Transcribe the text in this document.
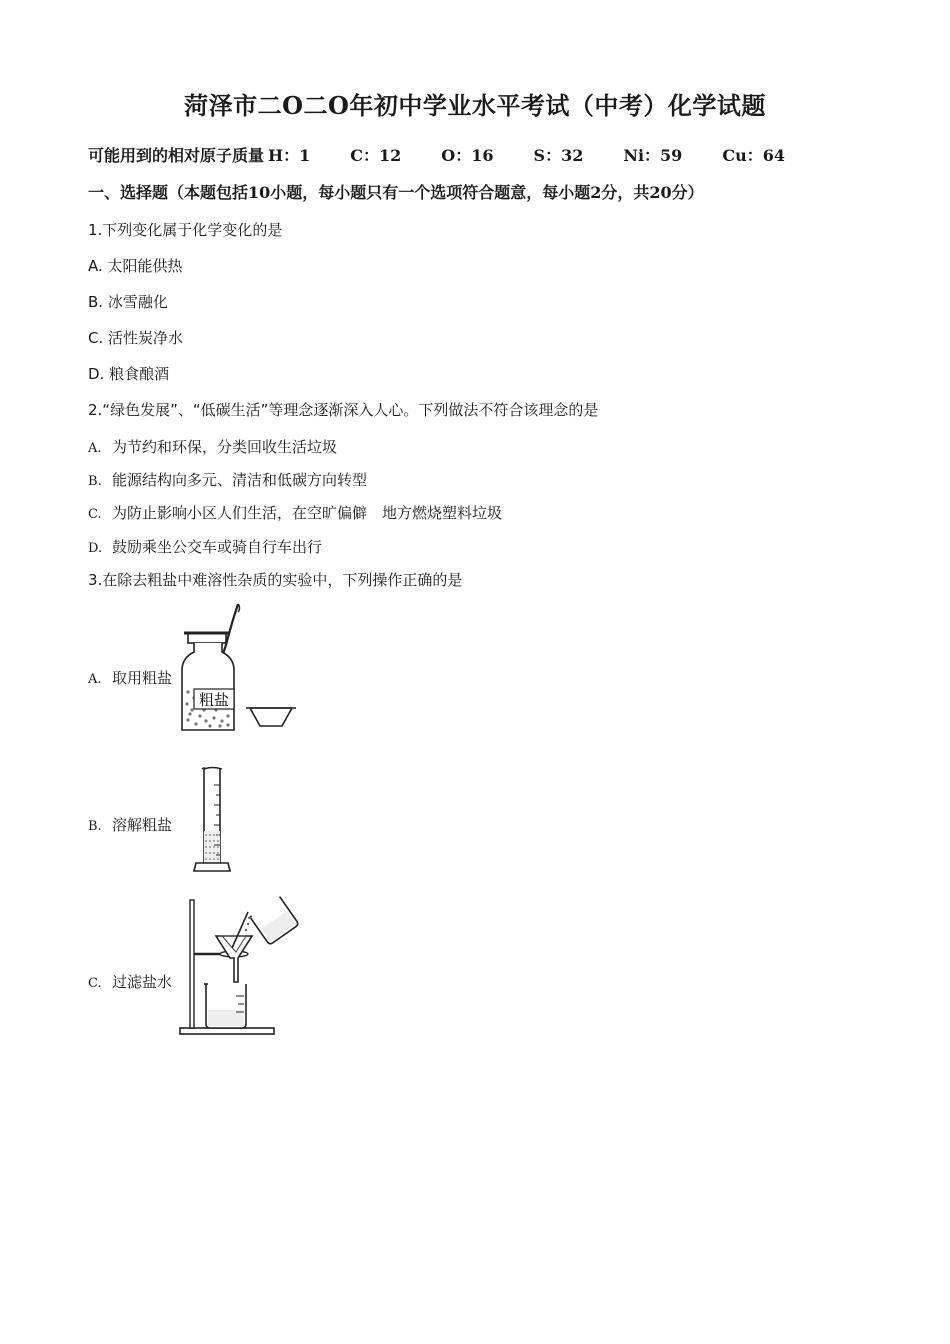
菏泽市二O二O年初中学业水平考试（中考）化学试题
可能用到的相对原子质量 H：1	C：12	O：16	S：32	Ni：59	Cu：64
一、选择题（本题包括10小题，每小题只有一个选项符合题意，每小题2分，共20分）
1.下列变化属于化学变化的是
A. 太阳能供热
B. 冰雪融化
C. 活性炭净水
D. 粮食酿酒
2.“绿色发展”、“低碳生活”等理念逐渐深入人心。下列做法不符合该理念的是
A. 为节约和环保，分类回收生活垃圾
B. 能源结构向多元、清洁和低碳方向转型
C. 为防止影响小区人们生活，在空旷偏僻　地方燃烧塑料垃圾
D. 鼓励乘坐公交车或骑自行车出行
3.在除去粗盐中难溶性杂质的实验中，下列操作正确的是
A. 取用粗盐
粗盐
B. 溶解粗盐
C. 过滤盐水
